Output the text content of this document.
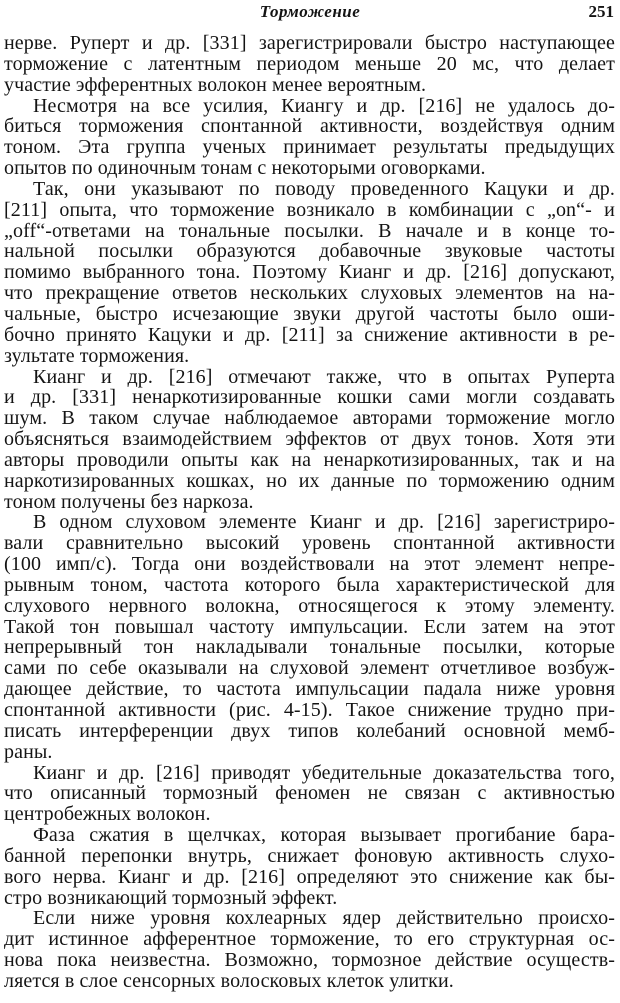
Торможение	251
нерве. Руперт и др. [331] зарегистрировали быстро наступающее
торможение с латентным периодом меньше 20 мс, что делает
участие эфферентных волокон менее вероятным.
Несмотря на все усилия, Киангу и др. [216] не удалось до-
биться торможения спонтанной активности, воздействуя одним
тоном. Эта группа ученых принимает результаты предыдущих
опытов по одиночным тонам с некоторыми оговорками.
Так, они указывают по поводу проведенного Кацуки и др.
[211] опыта, что торможение возникало в комбинации с „on“- и
„off“-ответами на тональные посылки. В начале и в конце то-
нальной посылки образуются добавочные звуковые частоты
помимо выбранного тона. Поэтому Кианг и др. [216] допускают,
что прекращение ответов нескольких слуховых элементов на на-
чальные, быстро исчезающие звуки другой частоты было оши-
бочно принято Кацуки и др. [211] за снижение активности в ре-
зультате торможения.
Кианг и др. [216] отмечают также, что в опытах Руперта
и др. [331] ненаркотизированные кошки сами могли создавать
шум. В таком случае наблюдаемое авторами торможение могло
объясняться взаимодействием эффектов от двух тонов. Хотя эти
авторы проводили опыты как на ненаркотизированных, так и на
наркотизированных кошках, но их данные по торможению одним
тоном получены без наркоза.
В одном слуховом элементе Кианг и др. [216] зарегистриро-
вали сравнительно высокий уровень спонтанной активности
(100 имп/с). Тогда они воздействовали на этот элемент непре-
рывным тоном, частота которого была характеристической для
слухового нервного волокна, относящегося к этому элементу.
Такой тон повышал частоту импульсации. Если затем на этот
непрерывный тон накладывали тональные посылки, которые
сами по себе оказывали на слуховой элемент отчетливое возбуж-
дающее действие, то частота импульсации падала ниже уровня
спонтанной активности (рис. 4-15). Такое снижение трудно при-
писать интерференции двух типов колебаний основной мемб-
раны.
Кианг и др. [216] приводят убедительные доказательства того,
что описанный тормозный феномен не связан с активностью
центробежных волокон.
Фаза сжатия в щелчках, которая вызывает прогибание бара-
банной перепонки внутрь, снижает фоновую активность слухо-
вого нерва. Кианг и др. [216] определяют это снижение как бы-
стро возникающий тормозный эффект.
Если ниже уровня кохлеарных ядер действительно происхо-
дит истинное афферентное торможение, то его структурная ос-
нова пока неизвестна. Возможно, тормозное действие осуществ-
ляется в слое сенсорных волосковых клеток улитки.
